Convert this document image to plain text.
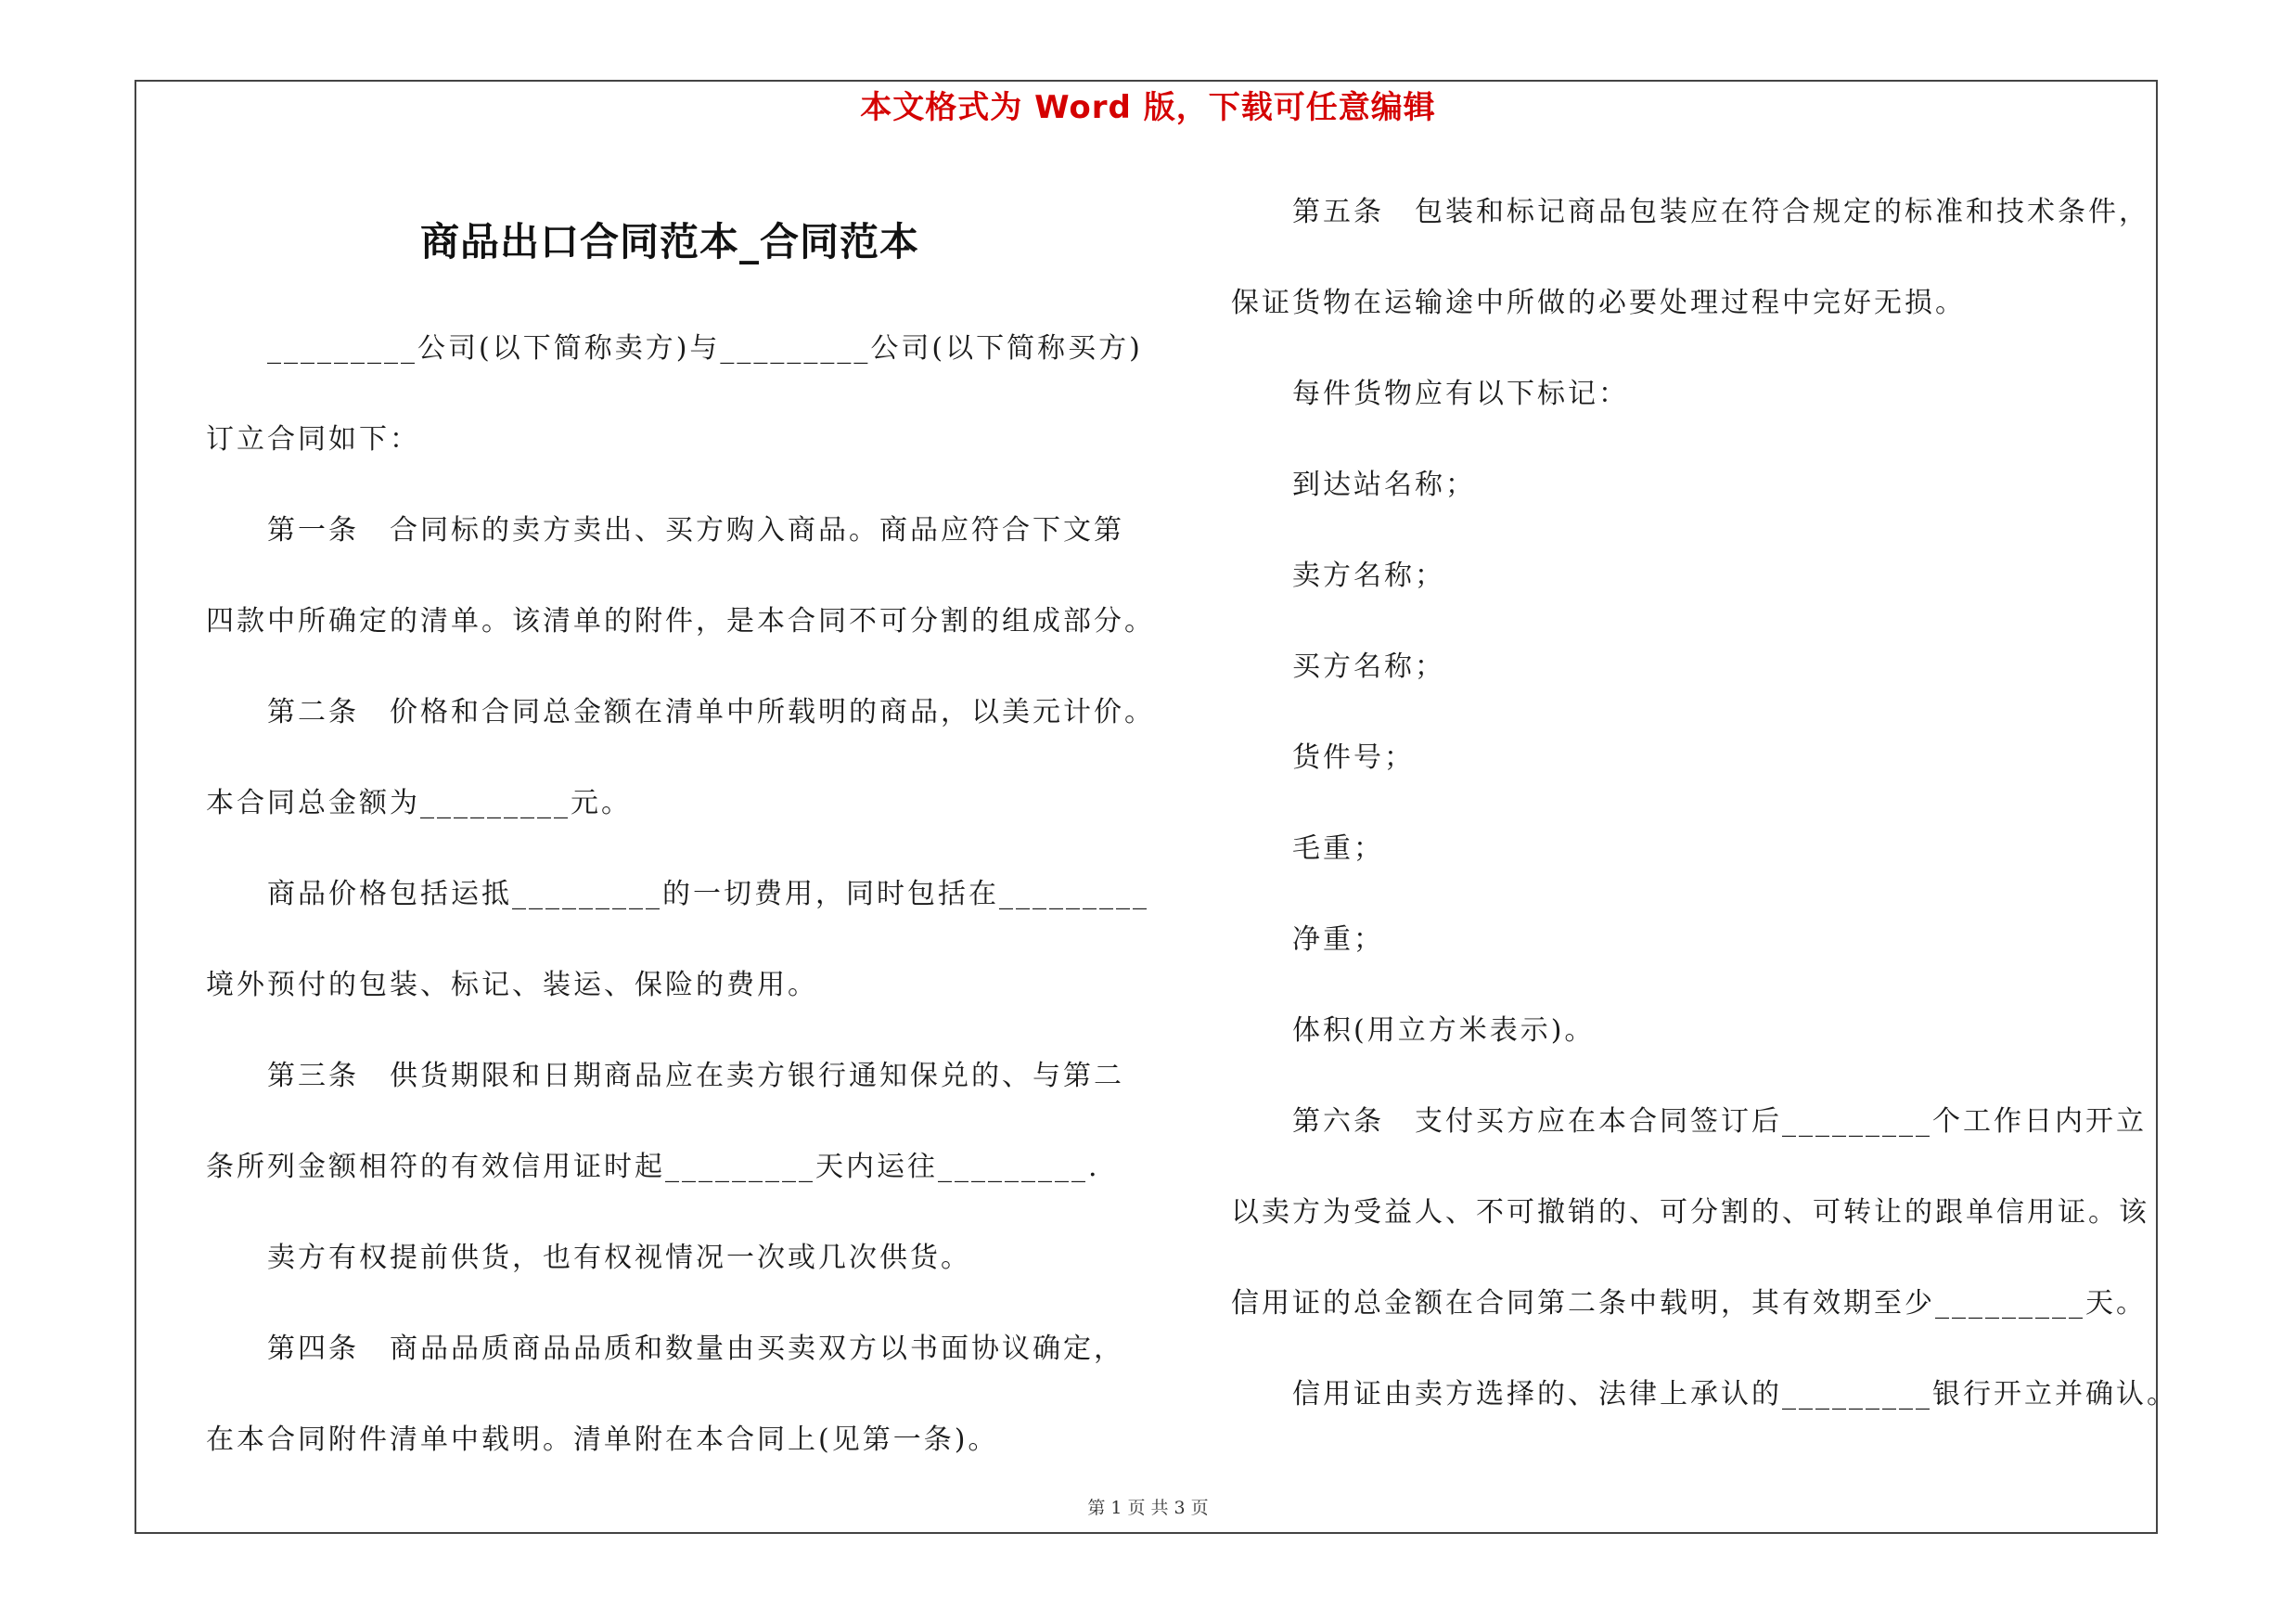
本文格式为 Word 版，下载可任意编辑
商品出口合同范本_合同范本
_________公司(以下简称卖方)与_________公司(以下简称买方)
订立合同如下：
第一条　合同标的卖方卖出、买方购入商品。商品应符合下文第
四款中所确定的清单。该清单的附件，是本合同不可分割的组成部分。
第二条　价格和合同总金额在清单中所载明的商品，以美元计价。
本合同总金额为_________元。
商品价格包括运抵_________的一切费用，同时包括在_________
境外预付的包装、标记、装运、保险的费用。
第三条　供货期限和日期商品应在卖方银行通知保兑的、与第二
条所列金额相符的有效信用证时起_________天内运往_________.
卖方有权提前供货，也有权视情况一次或几次供货。
第四条　商品品质商品品质和数量由买卖双方以书面协议确定，
在本合同附件清单中载明。清单附在本合同上(见第一条)。
第五条　包装和标记商品包装应在符合规定的标准和技术条件，
保证货物在运输途中所做的必要处理过程中完好无损。
每件货物应有以下标记：
到达站名称；
卖方名称；
买方名称；
货件号；
毛重；
净重；
体积(用立方米表示)。
第六条　支付买方应在本合同签订后_________个工作日内开立
以卖方为受益人、不可撤销的、可分割的、可转让的跟单信用证。该
信用证的总金额在合同第二条中载明，其有效期至少_________天。
信用证由卖方选择的、法律上承认的_________银行开立并确认。
第 1 页 共 3 页
